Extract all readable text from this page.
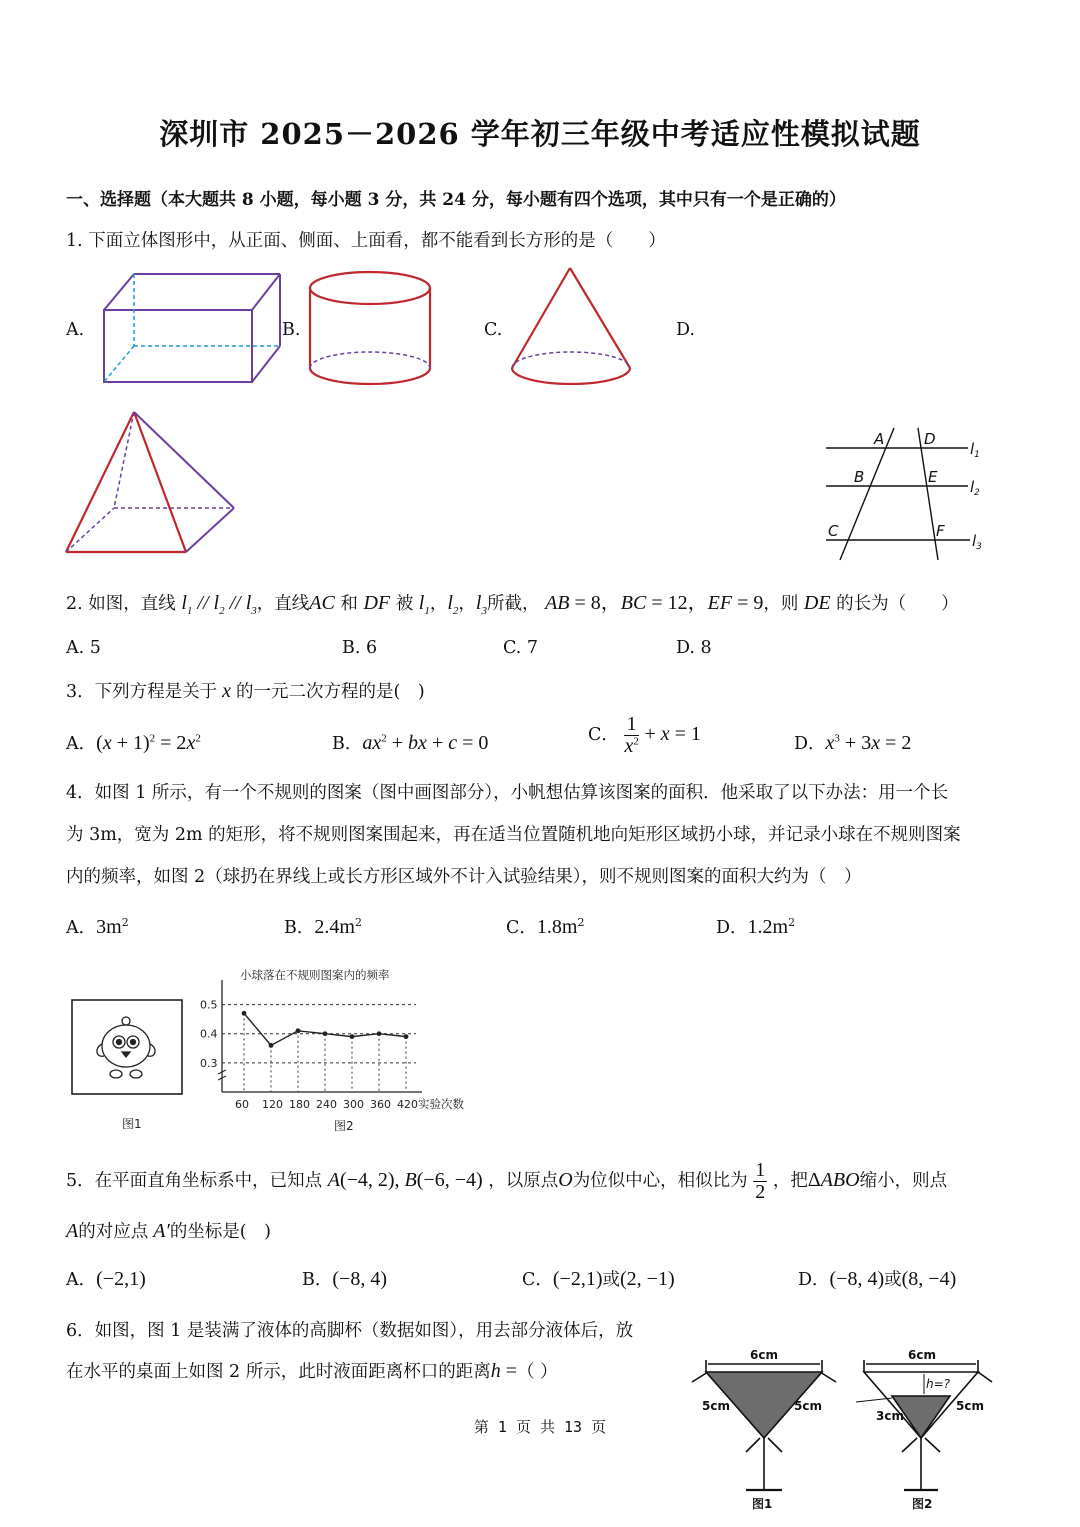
深圳市 2025－2026 学年初三年级中考适应性模拟试题
一、选择题（本大题共 8 小题，每小题 3 分，共 24 分，每小题有四个选项，其中只有一个是正确的）
1. 下面立体图形中，从正面、侧面、上面看，都不能看到长方形的是（　　）
A.	B.	C.	D.
A	D
B	E
C	F
$l_1$
$l_2$
$l_3$
2. 如图，直线 $l_1 // l_2 // l_3$，直线AC 和 DF 被 $l_1$，$l_2$，$l_3$所截， AB = 8，BC = 12，EF = 9，则 DE 的长为（　　）
A. 5	B. 6	C. 7	D. 8
3．下列方程是关于 x 的一元二次方程的是(　)
A．$(x + 1)^2 = 2x^2$	B．$ax^2$ + bx + c = 0	C． $\frac{1}{x^2} + x = 1$	D．$x^3 + 3x = 2$
4．如图 1 所示，有一个不规则的图案（图中画图部分），小帆想估算该图案的面积．他采取了以下办法：用一个长
为 3m，宽为 2m 的矩形，将不规则图案围起来，再在适当位置随机地向矩形区域扔小球，并记录小球在不规则图案
内的频率，如图 2（球扔在界线上或长方形区域外不计入试验结果），则不规则图案的面积大约为（　）
A．$3m^2$	B．$2.4m^2$	C．$1.8m^2$	D．$1.2m^2$
图1
小球落在不规则图案内的频率
0.3
0.4
0.5
60 120 180 240 300 360 420 实验次数
图2
5．在平面直角坐标系中，已知点 A(−4, 2), B(−6, −4) ，以原点O为位似中心，相似比为 $\frac{1}{2}$ ，把ΔABO缩小，则点
A的对应点 A′的坐标是(　)
A．(−2,1)	B．(−8, 4)	C．(−2,1)或(2, −1)	D．(−8, 4)或(8, −4)
6．如图，图 1 是装满了液体的高脚杯（数据如图），用去部分液体后，放
在水平的桌面上如图 2 所示，此时液面距离杯口的距离h =（ ）
6cm
5cm	5cm
图1
6cm
h=?
3cm
5cm
图2
第 1 页 共 13 页
